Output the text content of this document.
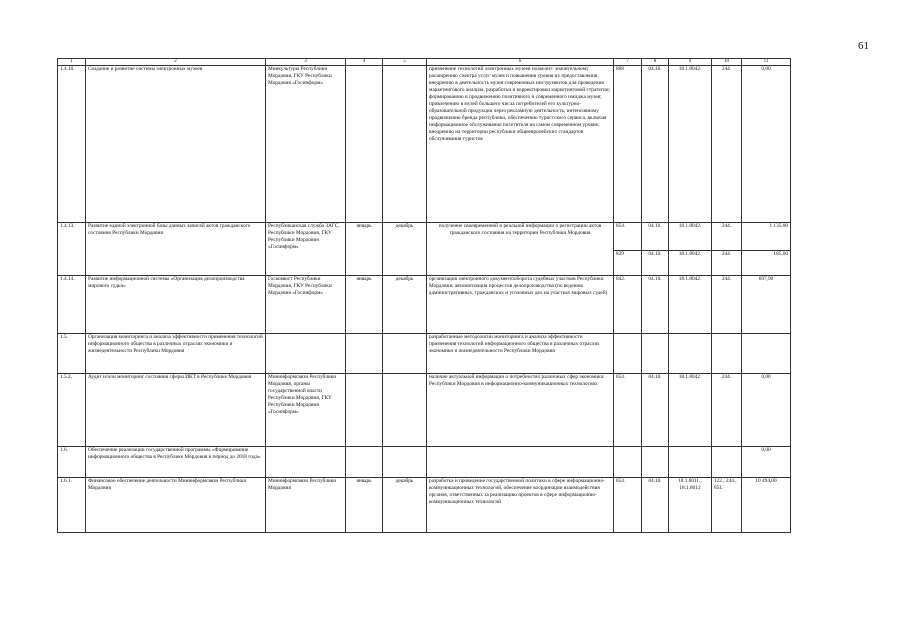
61
1	2	3	4	5	6	7	8	9	10	11
1.4.10.	Создание и развитие системы электронных музеев	Минкультуры Республики Мордовия, ГКУ Республики Мордовия «Госинформ»			применение технологий электронных музеев позволит: значительному расширению спектра услуг музея и повышения уровня их предоставления; внедрению в деятельность музея современных инструментов для проведения маркетингового анализа, разработки и корректировки маркетинговой стратегии; формированию и продвижению позитивного и современного имиджа музея; привлечению в музей большего числа потребителей его культурно-образовательной продукции через рекламную деятельность; интенсивному продвижению бренда республики, обеспечению туристского сервиса, включая информационное обслуживание посетителя на самом современном уровне; внедрению на территории республики общеевропейских стандартов обслуживания туристов	808	04.10.	18.1.8042.	244.	0,00
1.4.13.	Развитие единой электронной базы данных записей актов гражданского состояния Республики Мордовия	Республиканская служба ЗАГС, Республики Мордовия, ГКУ Республики Мордовия «Госинформ»	январь	декабрь	получение своевременной и реальной информации о регистрации актов гражданского состояния на территории Республики Мордовия	854.	04.10.	18.1.8042.	244.	1 135,00
						829	04.10.	18.1.8042.	244.	185,00
1.4.14.	Развитие информационной системы «Организация делопроизводства мирового судьи»	Госкомюст Республики Мордовия, ГКУ Республики Мордовия «Госинформ»	январь	декабрь	организация электронного документооборота судебных участков Республики Мордовия; автоматизация процессов делопроизводства (по ведению административных, гражданских и уголовных дел на участках мировых судей)	842.	04.10.	18.1.8042.	244.	697,90
1.5.	Организация мониторинга и анализа эффективности применения технологий информационного общества в различных отраслях экономики и жизнедеятельности Республики Мордовия				разработанные методологии мониторинга и анализа эффективности применения технологий информационного общества в различных отраслях экономики и жизнедеятельности Республики Мордовия					
1.5.2.	Аудит и/или мониторинг состояния сферы ИКТ в Республике Мордовия	Мининформсвязи Республики Мордовия, органы государственной власти Республики Мордовия, ГКУ Республики Мордовия «Госинформ»			наличие актуальной информации о потребностях различных сфер экономики Республики Мордовия в информационно-коммуникационных технологиях	854.	04.10.	18.1.8042.	244.	0,00
1.6.	Обеспечение реализации государственной программы «Формирование информационного общества в Республике Мордовия в период до 2018 года»									0,00
1.6.1.	Финансовое обеспечение деятельности Мининформсвязи Республики Мордовия	Мининформсвязи Республики Мордовия	январь	декабрь	разработка и проведение государственной политики в сфере информационно-коммуникационных технологий, обеспечение координации взаимодействия органов, ответственных за реализацию проектов в сфере информационно-коммуникационных технологий	854.	04.10.	18.1.8011.; 18.1.8012	122., 244., 851.	10 494,00
